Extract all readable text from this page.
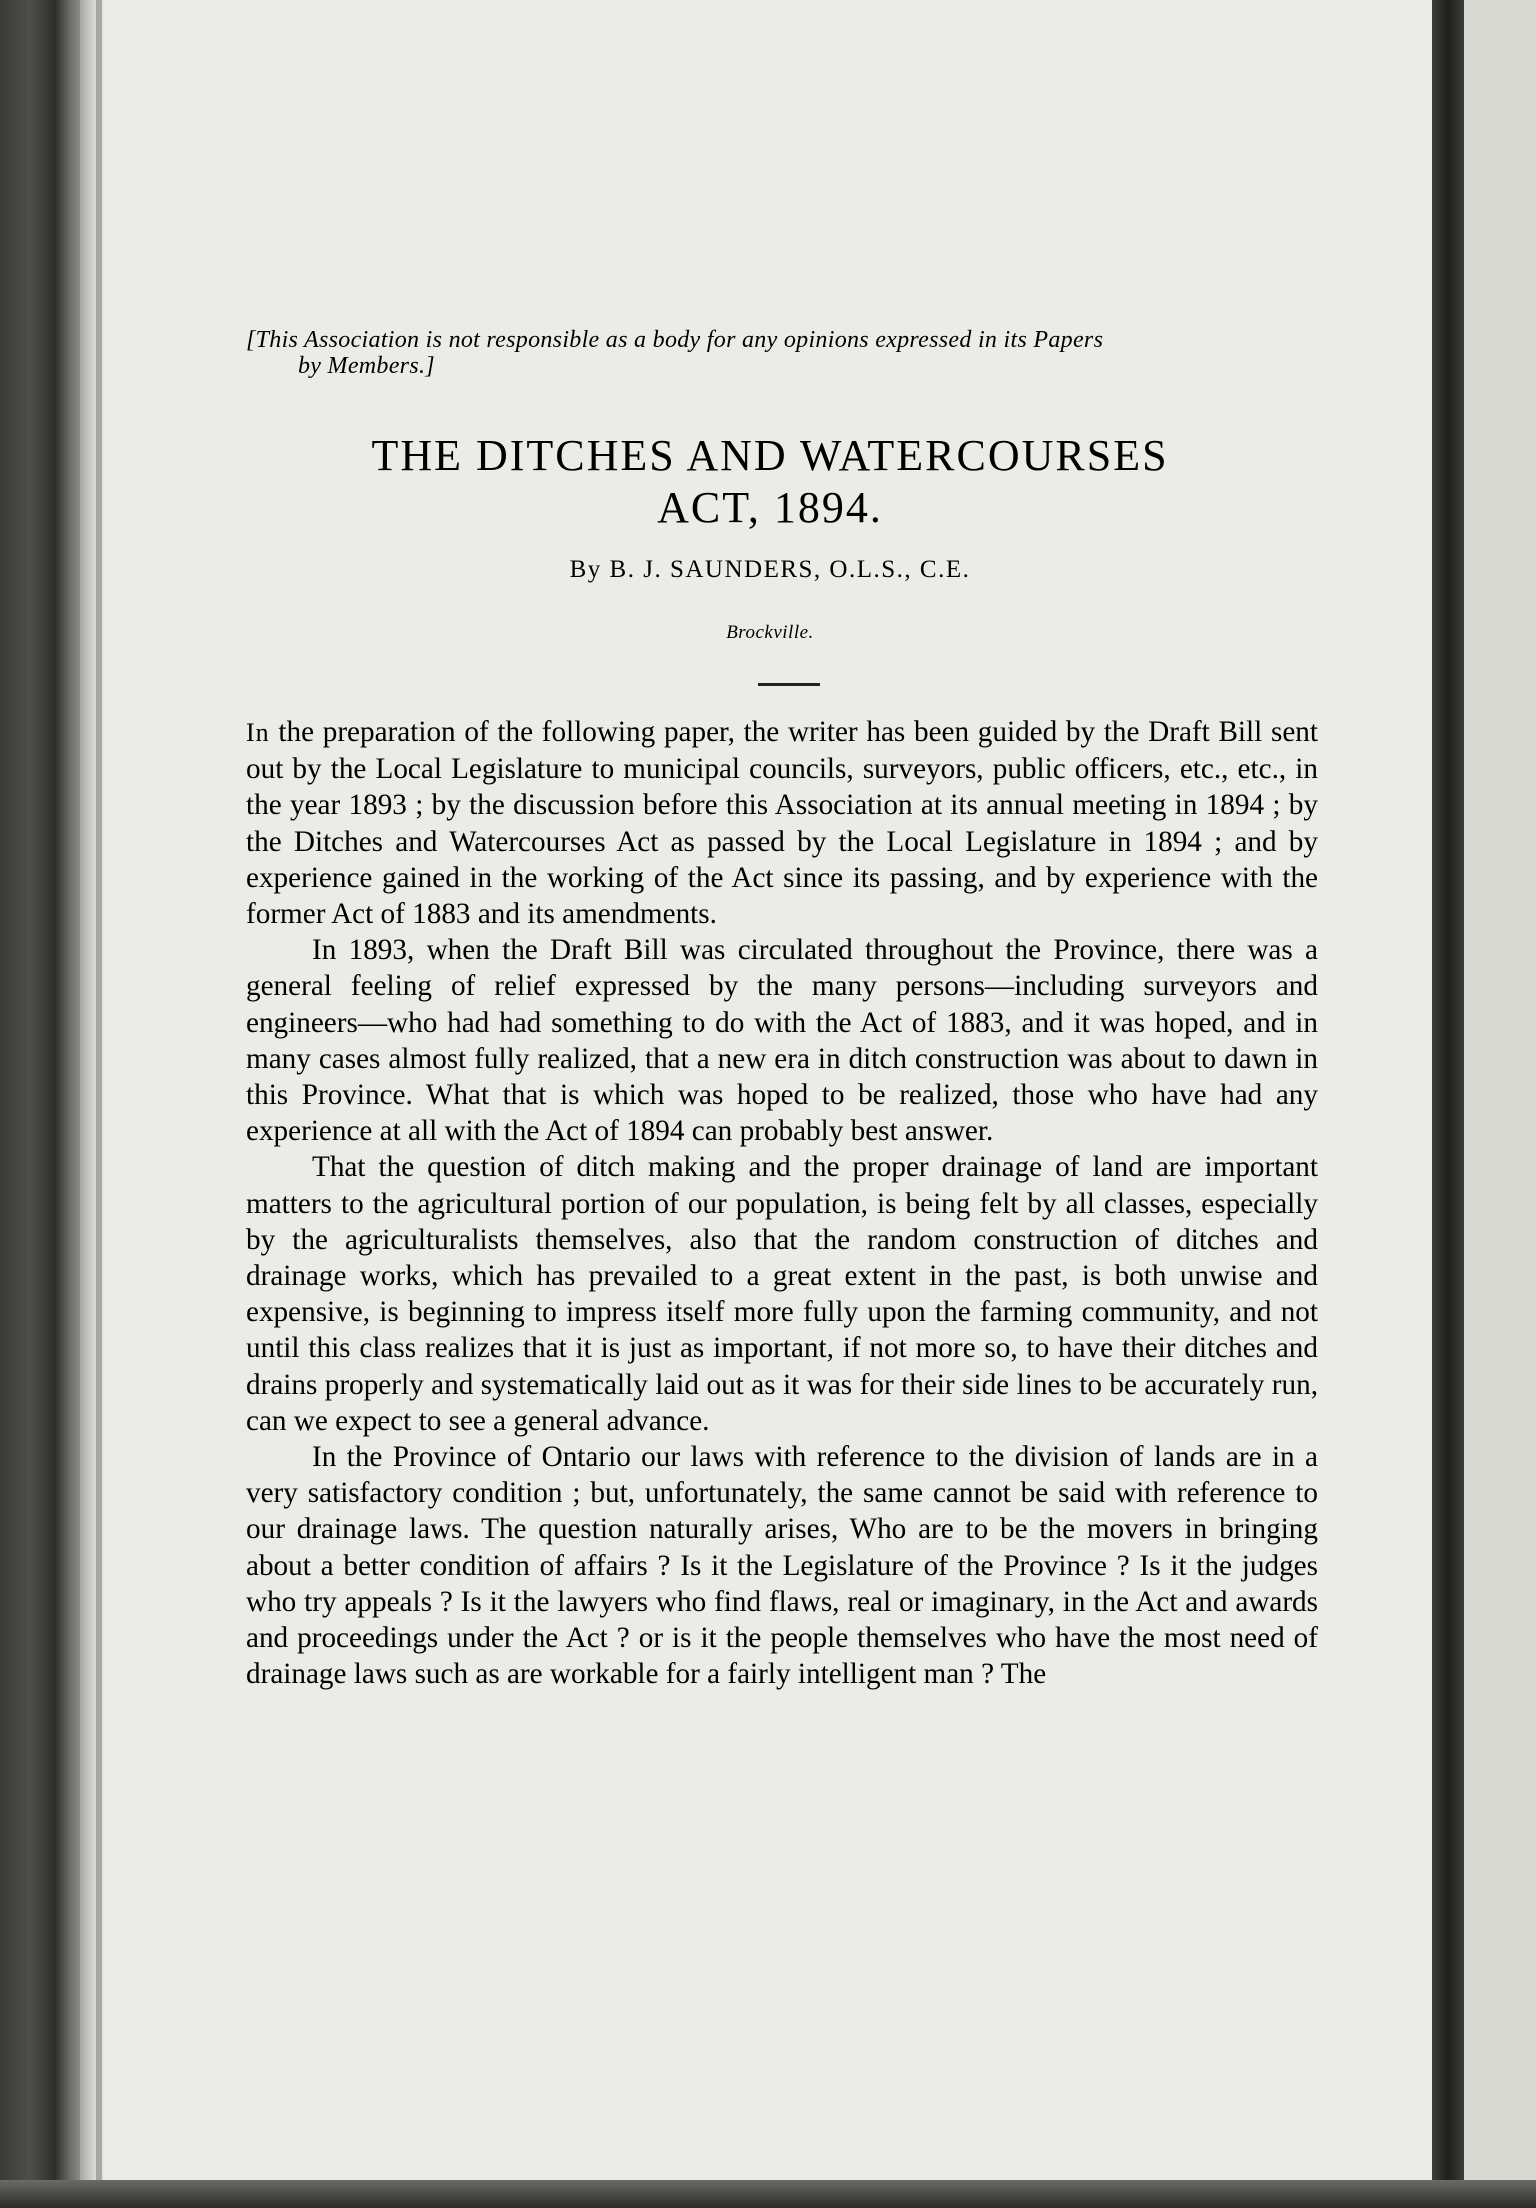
[This Association is not responsible as a body for any opinions expressed in its Papers
by Members.]
THE DITCHES AND WATERCOURSES
ACT, 1894.
By B. J. SAUNDERS, O.L.S., C.E.
Brockville.

In the preparation of the following paper, the writer has been guided by the Draft Bill sent out by the Local Legislature to municipal councils, surveyors, public officers, etc., etc., in the year 1893 ; by the discussion before this Association at its annual meeting in 1894 ; by the Ditches and Watercourses Act as passed by the Local Legislature in 1894 ; and by experience gained in the working of the Act since its passing, and by experience with the former Act of 1883 and its amendments.

In 1893, when the Draft Bill was circulated throughout the Province, there was a general feeling of relief expressed by the many persons—including surveyors and engineers—who had had something to do with the Act of 1883, and it was hoped, and in many cases almost fully realized, that a new era in ditch construction was about to dawn in this Province. What that is which was hoped to be realized, those who have had any experience at all with the Act of 1894 can probably best answer.

That the question of ditch making and the proper drainage of land are important matters to the agricultural portion of our population, is being felt by all classes, especially by the agriculturalists themselves, also that the random construction of ditches and drainage works, which has prevailed to a great extent in the past, is both unwise and expensive, is beginning to impress itself more fully upon the farming community, and not until this class realizes that it is just as important, if not more so, to have their ditches and drains properly and systematically laid out as it was for their side lines to be accurately run, can we expect to see a general advance.

In the Province of Ontario our laws with reference to the division of lands are in a very satisfactory condition ; but, unfortunately, the same cannot be said with reference to our drainage laws. The question naturally arises, Who are to be the movers in bringing about a better condition of affairs ? Is it the Legislature of the Province ? Is it the judges who try appeals ? Is it the lawyers who find flaws, real or imaginary, in the Act and awards and proceedings under the Act ? or is it the people themselves who have the most need of drainage laws such as are workable for a fairly intelligent man ? The
